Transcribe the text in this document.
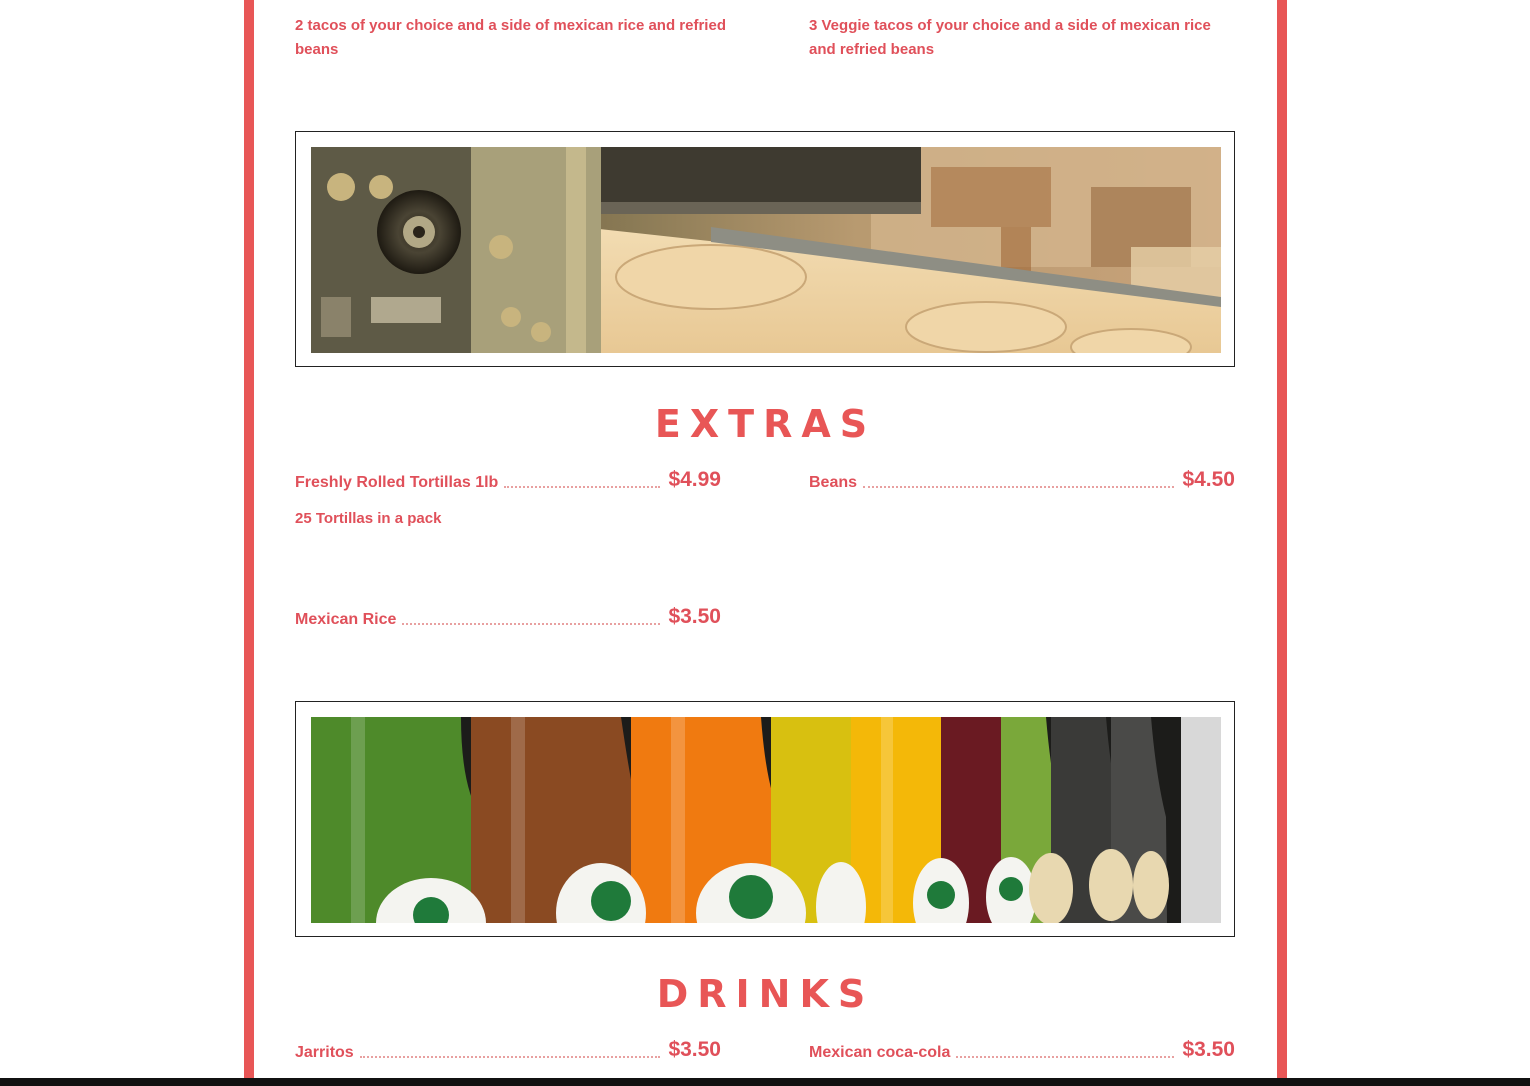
2 tacos of your choice and a side of mexican rice and refried beans
3 Veggie tacos of your choice and a side of mexican rice and refried beans
EXTRAS
Freshly Rolled Tortillas 1lb	$4.99
25 Tortillas in a pack
Beans	$4.50
Mexican Rice	$3.50
DRINKS
Jarritos	$3.50	Mexican coca-cola	$3.50
